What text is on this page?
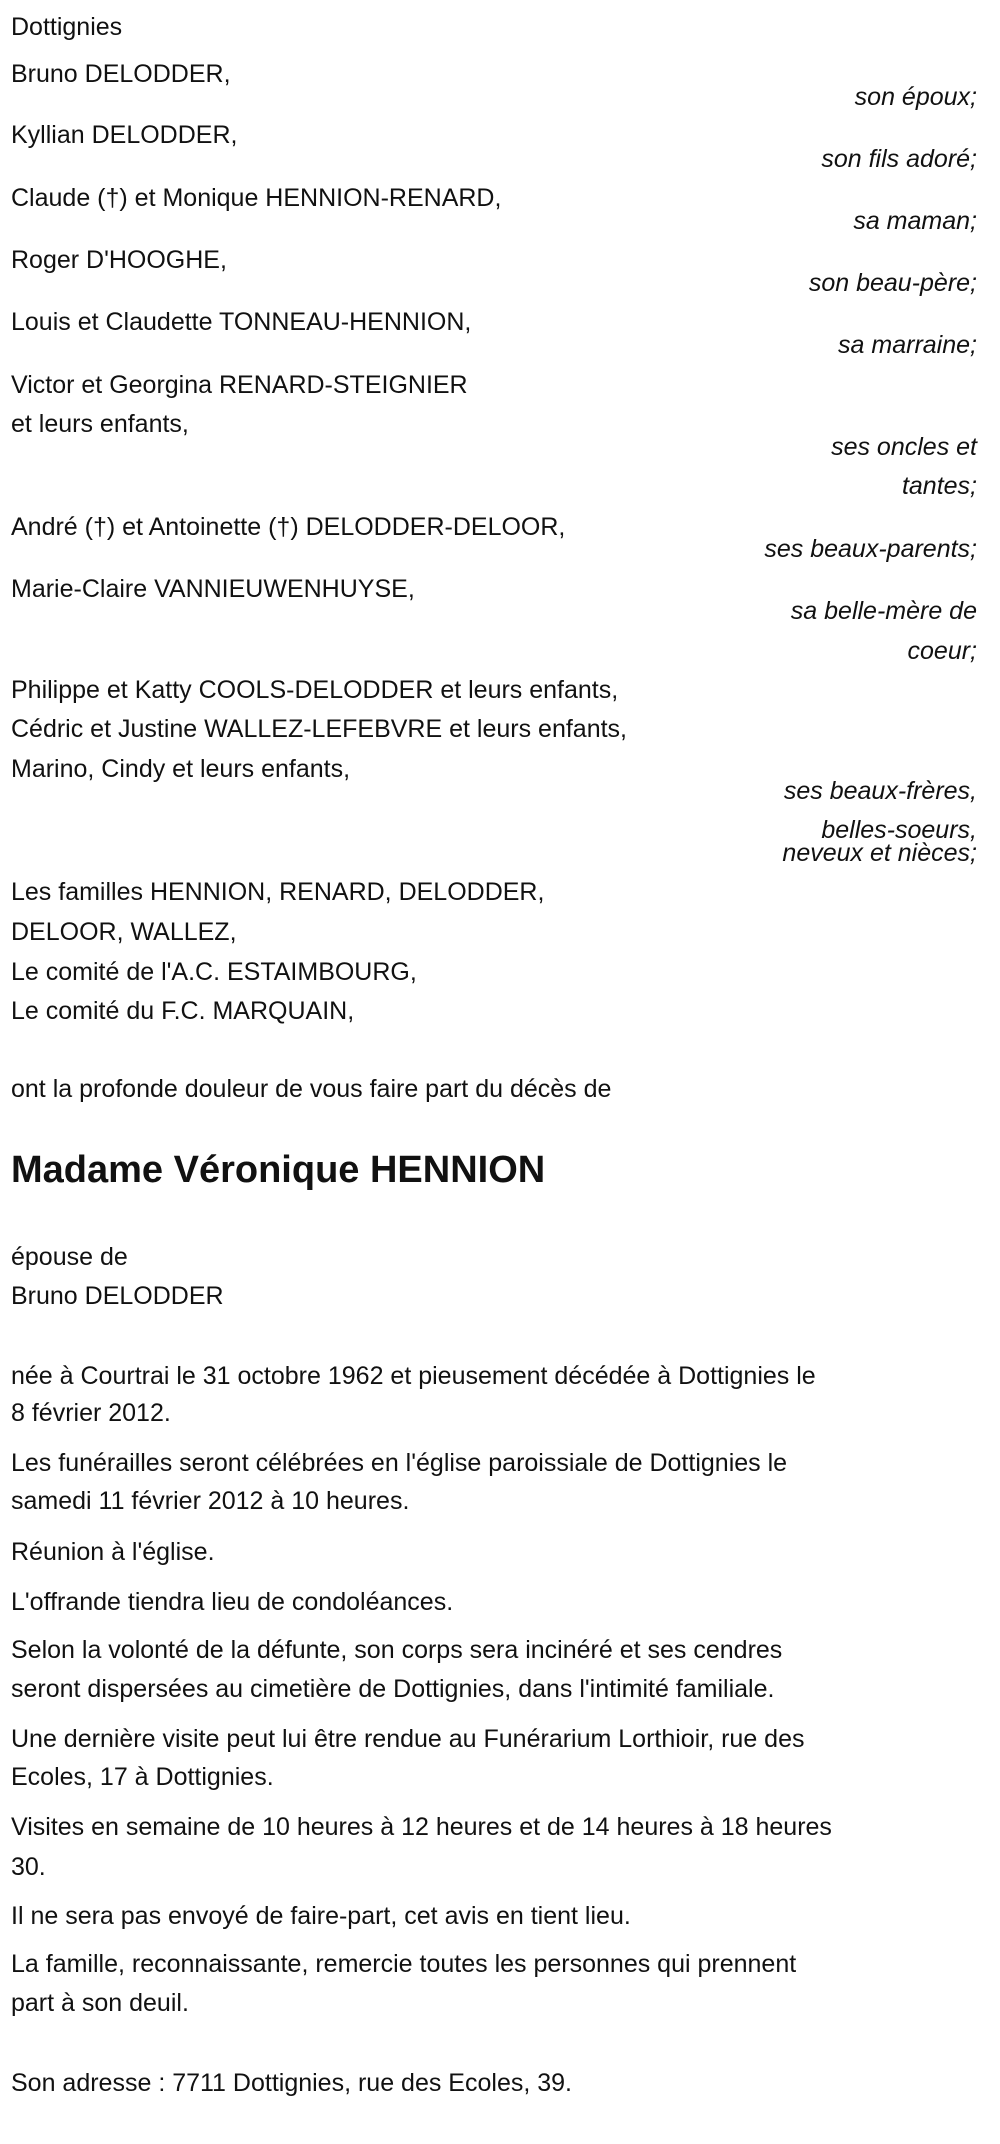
Dottignies
Bruno DELODDER,
son époux;
Kyllian DELODDER,
son fils adoré;
Claude (†) et Monique HENNION-RENARD,
sa maman;
Roger D'HOOGHE,
son beau-père;
Louis et Claudette TONNEAU-HENNION,
sa marraine;
Victor et Georgina RENARD-STEIGNIER
et leurs enfants,
ses oncles et
tantes;
André (†) et Antoinette (†) DELODDER-DELOOR,
ses beaux-parents;
Marie-Claire VANNIEUWENHUYSE,
sa belle-mère de
coeur;
Philippe et Katty COOLS-DELODDER et leurs enfants,
Cédric et Justine WALLEZ-LEFEBVRE et leurs enfants,
Marino, Cindy et leurs enfants,
ses beaux-frères,
belles-soeurs,
neveux et nièces;
Les familles HENNION, RENARD, DELODDER,
DELOOR, WALLEZ,
Le comité de l'A.C. ESTAIMBOURG,
Le comité du F.C. MARQUAIN,
ont la profonde douleur de vous faire part du décès de
Madame Véronique HENNION
épouse de
Bruno DELODDER
née à Courtrai le 31 octobre 1962 et pieusement décédée à Dottignies le
8 février 2012.
Les funérailles seront célébrées en l'église paroissiale de Dottignies le
samedi 11 février 2012 à 10 heures.
Réunion à l'église.
L'offrande tiendra lieu de condoléances.
Selon la volonté de la défunte, son corps sera incinéré et ses cendres
seront dispersées au cimetière de Dottignies, dans l'intimité familiale.
Une dernière visite peut lui être rendue au Funérarium Lorthioir, rue des
Ecoles, 17 à Dottignies.
Visites en semaine de 10 heures à 12 heures et de 14 heures à 18 heures
30.
Il ne sera pas envoyé de faire-part, cet avis en tient lieu.
La famille, reconnaissante, remercie toutes les personnes qui prennent
part à son deuil.
Son adresse : 7711 Dottignies, rue des Ecoles, 39.
